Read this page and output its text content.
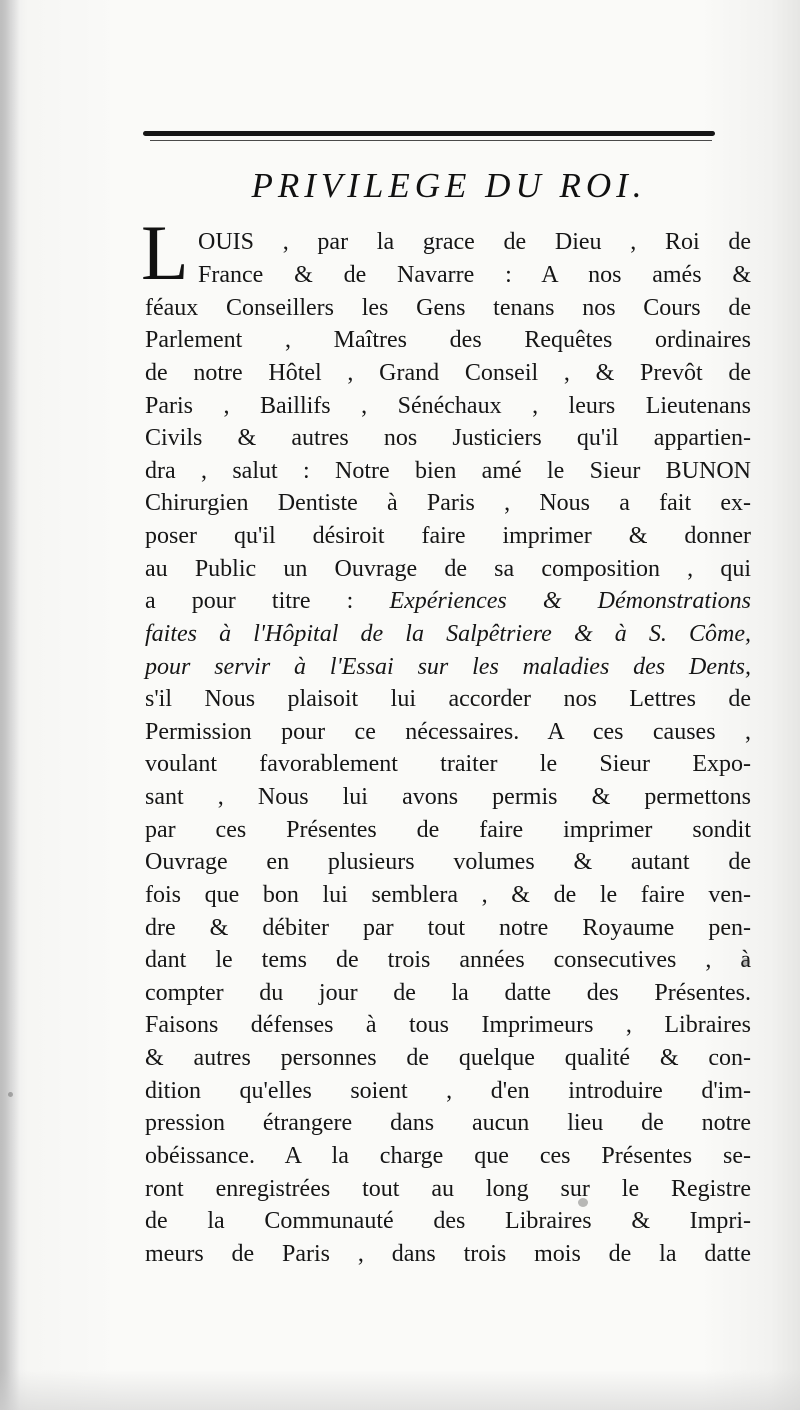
PRIVILEGE DU ROI.
L OUIS , par la grace de Dieu , Roi de
France & de Navarre : A nos amés &
féaux Conseillers les Gens tenans nos Cours de
Parlement , Maîtres des Requêtes ordinaires
de notre Hôtel , Grand Conseil , & Prevôt de
Paris , Baillifs , Sénéchaux , leurs Lieutenans
Civils & autres nos Justiciers qu'il appartien-
dra , salut : Notre bien amé le Sieur BUNON
Chirurgien Dentiste à Paris , Nous a fait ex-
poser qu'il désiroit faire imprimer & donner
au Public un Ouvrage de sa composition , qui
a pour titre : Expériences & Démonstrations
faites à l'Hôpital de la Salpêtriere & à S. Côme,
pour servir à l'Essai sur les maladies des Dents,
s'il Nous plaisoit lui accorder nos Lettres de
Permission pour ce nécessaires. A ces causes ,
voulant favorablement traiter le Sieur Expo-
sant , Nous lui avons permis & permettons
par ces Présentes de faire imprimer sondit
Ouvrage en plusieurs volumes & autant de
fois que bon lui semblera , & de le faire ven-
dre & débiter par tout notre Royaume pen-
dant le tems de trois années consecutives , à
compter du jour de la datte des Présentes.
Faisons défenses à tous Imprimeurs , Libraires
& autres personnes de quelque qualité & con-
dition qu'elles soient , d'en introduire d'im-
pression étrangere dans aucun lieu de notre
obéissance. A la charge que ces Présentes se-
ront enregistrées tout au long sur le Registre
de la Communauté des Libraires & Impri-
meurs de Paris , dans trois mois de la datte
